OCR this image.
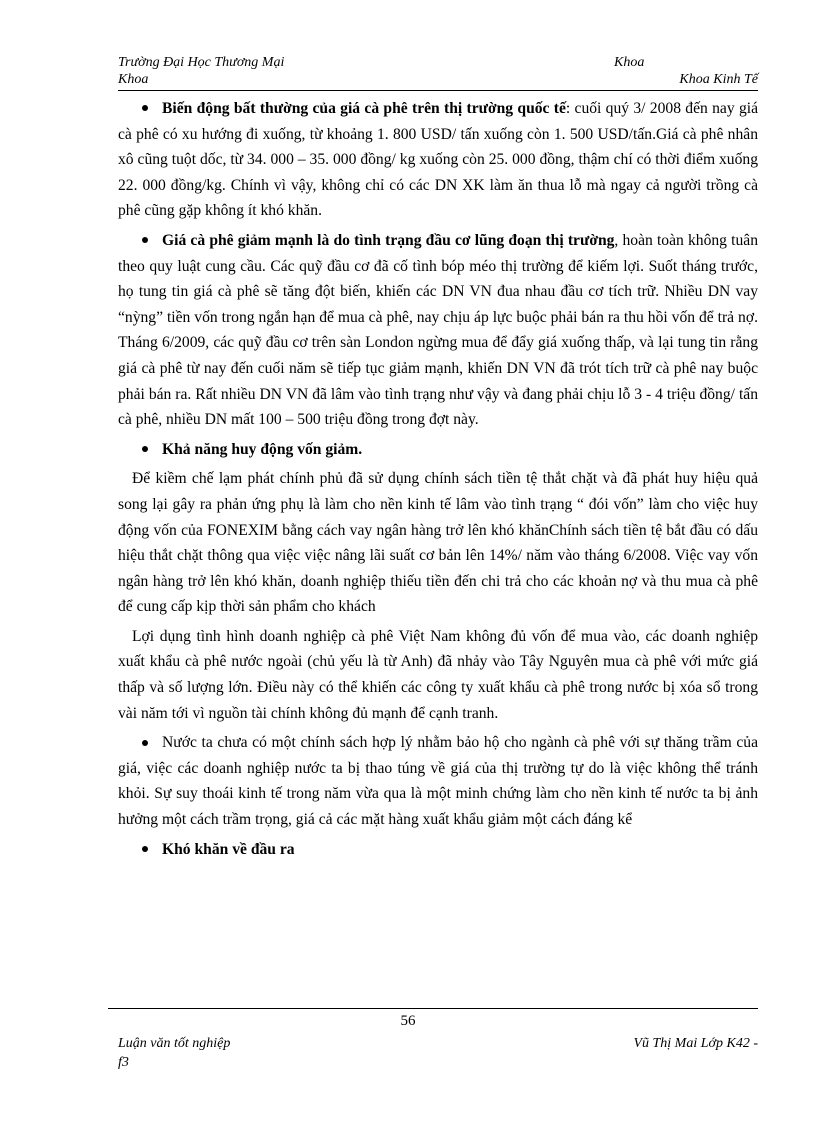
Trường Đại Học Thương Mại	Khoa
Khoa	Khoa Kinh Tế

Biến động bất thường của giá cà phê trên thị trường quốc tế: cuối quý 3/ 2008 đến nay giá cà phê có xu hướng đi xuống, từ khoảng 1. 800 USD/ tấn xuống còn 1. 500 USD/tấn.Giá cà phê nhân xô cũng tuột dốc, từ 34. 000 – 35. 000 đồng/ kg xuống còn 25. 000 đồng, thậm chí có thời điểm xuống 22. 000 đồng/kg. Chính vì vậy, không chỉ có các DN XK làm ăn thua lỗ mà ngay cả người trồng cà phê cũng gặp không ít khó khăn.

Giá cà phê giảm mạnh là do tình trạng đầu cơ lũng đoạn thị trường, hoàn toàn không tuân theo quy luật cung cầu. Các quỹ đầu cơ đã cố tình bóp méo thị trường để kiếm lợi. Suốt tháng trước, họ tung tin giá cà phê sẽ tăng đột biến, khiến các DN VN đua nhau đầu cơ tích trữ. Nhiều DN vay “nỳng” tiền vốn trong ngắn hạn để mua cà phê, nay chịu áp lực buộc phải bán ra thu hồi vốn để trả nợ. Tháng 6/2009, các quỹ đầu cơ trên sàn London ngừng mua để đẩy giá xuống thấp, và lại tung tin rằng giá cà phê từ nay đến cuối năm sẽ tiếp tục giảm mạnh, khiến DN VN đã trót tích trữ cà phê nay buộc phải bán ra. Rất nhiều DN VN đã lâm vào tình trạng như vậy và đang phải chịu lỗ 3 - 4 triệu đồng/ tấn cà phê, nhiều DN mất 100 – 500 triệu đồng trong đợt này.

Khả năng huy động vốn giảm.

Để kiềm chế lạm phát chính phủ đã sử dụng chính sách tiền tệ thắt chặt và đã phát huy hiệu quả song lại gây ra phản ứng phụ là làm cho nền kinh tế lâm vào tình trạng “ đói vốn” làm cho việc huy động vốn của FONEXIM bằng cách vay ngân hàng trở lên khó khănChính sách tiền tệ bắt đầu có dấu hiệu thắt chặt thông qua việc việc nâng lãi suất cơ bản lên 14%/ năm vào tháng 6/2008. Việc vay vốn ngân hàng trở lên khó khăn, doanh nghiệp thiếu tiền đến chi trả cho các khoản nợ và thu mua cà phê để cung cấp kịp thời sản phẩm cho khách

Lợi dụng tình hình doanh nghiệp cà phê Việt Nam không đủ vốn để mua vào, các doanh nghiệp xuất khẩu cà phê nước ngoài (chủ yếu là từ Anh) đã nhảy vào Tây Nguyên mua cà phê với mức giá thấp và số lượng lớn. Điều này có thể khiến các công ty xuất khẩu cà phê trong nước bị xóa sổ trong vài năm tới vì nguồn tài chính không đủ mạnh để cạnh tranh.

Nước ta chưa có một chính sách hợp lý nhằm bảo hộ cho ngành cà phê với sự thăng trầm của giá, việc các doanh nghiệp nước ta bị thao túng về giá của thị trường tự do là việc không thể tránh khỏi. Sự suy thoái kinh tế trong năm vừa qua là một minh chứng làm cho nền kinh tế nước ta bị ảnh hưởng một cách trầm trọng, giá cả các mặt hàng xuất khẩu giảm một cách đáng kể

Khó khăn về đầu ra

56
Luận văn tốt nghiệp	Vũ Thị Mai Lớp K42 -
f3
